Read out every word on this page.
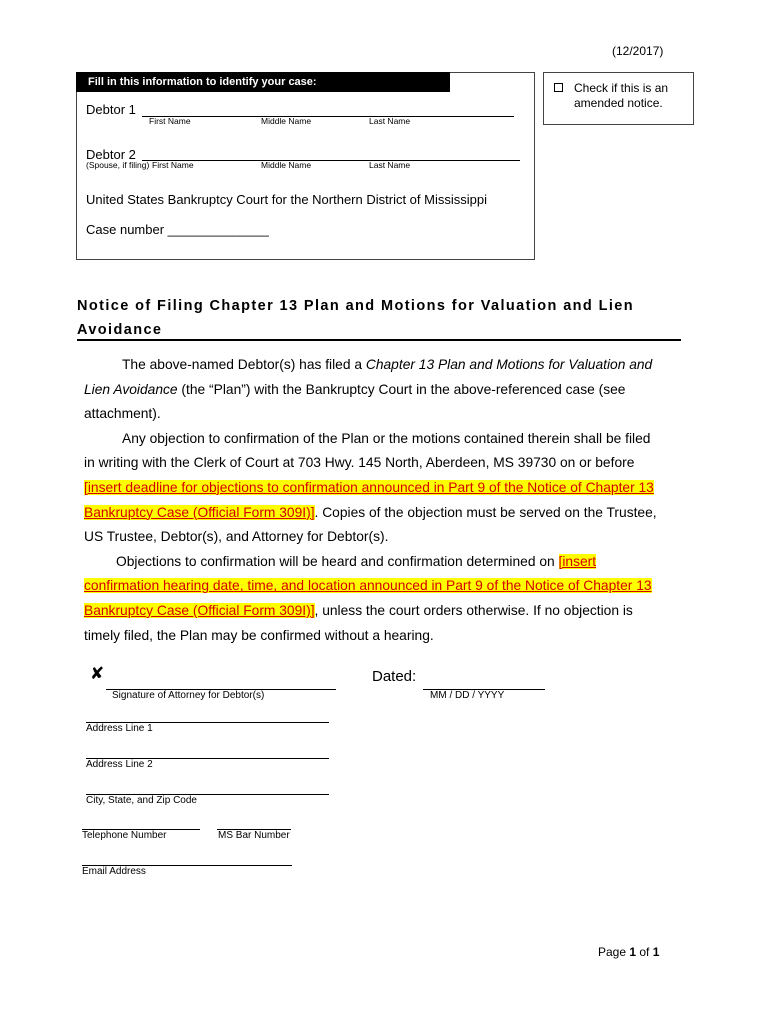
(12/2017)
Fill in this information to identify your case:
Debtor 1
First Name	Middle Name	Last Name
Debtor 2
(Spouse, if filing) First Name	Middle Name	Last Name
United States Bankruptcy Court for the Northern District of Mississippi
Case number ______________
Check if this is an amended notice.
Notice of Filing Chapter 13 Plan and Motions for Valuation and Lien Avoidance

The above-named Debtor(s) has filed a Chapter 13 Plan and Motions for Valuation and Lien Avoidance (the “Plan”) with the Bankruptcy Court in the above-referenced case (see attachment).

Any objection to confirmation of the Plan or the motions contained therein shall be filed in writing with the Clerk of Court at 703 Hwy. 145 North, Aberdeen, MS 39730 on or before [insert deadline for objections to confirmation announced in Part 9 of the Notice of Chapter 13 Bankruptcy Case (Official Form 309I)]. Copies of the objection must be served on the Trustee, US Trustee, Debtor(s), and Attorney for Debtor(s).

Objections to confirmation will be heard and confirmation determined on [insert confirmation hearing date, time, and location announced in Part 9 of the Notice of Chapter 13 Bankruptcy Case (Official Form 309I)], unless the court orders otherwise. If no objection is timely filed, the Plan may be confirmed without a hearing.

✘
Signature of Attorney for Debtor(s)
Dated:
MM / DD / YYYY
Address Line 1
Address Line 2
City, State, and Zip Code
Telephone Number	MS Bar Number
Email Address
Page 1 of 1
